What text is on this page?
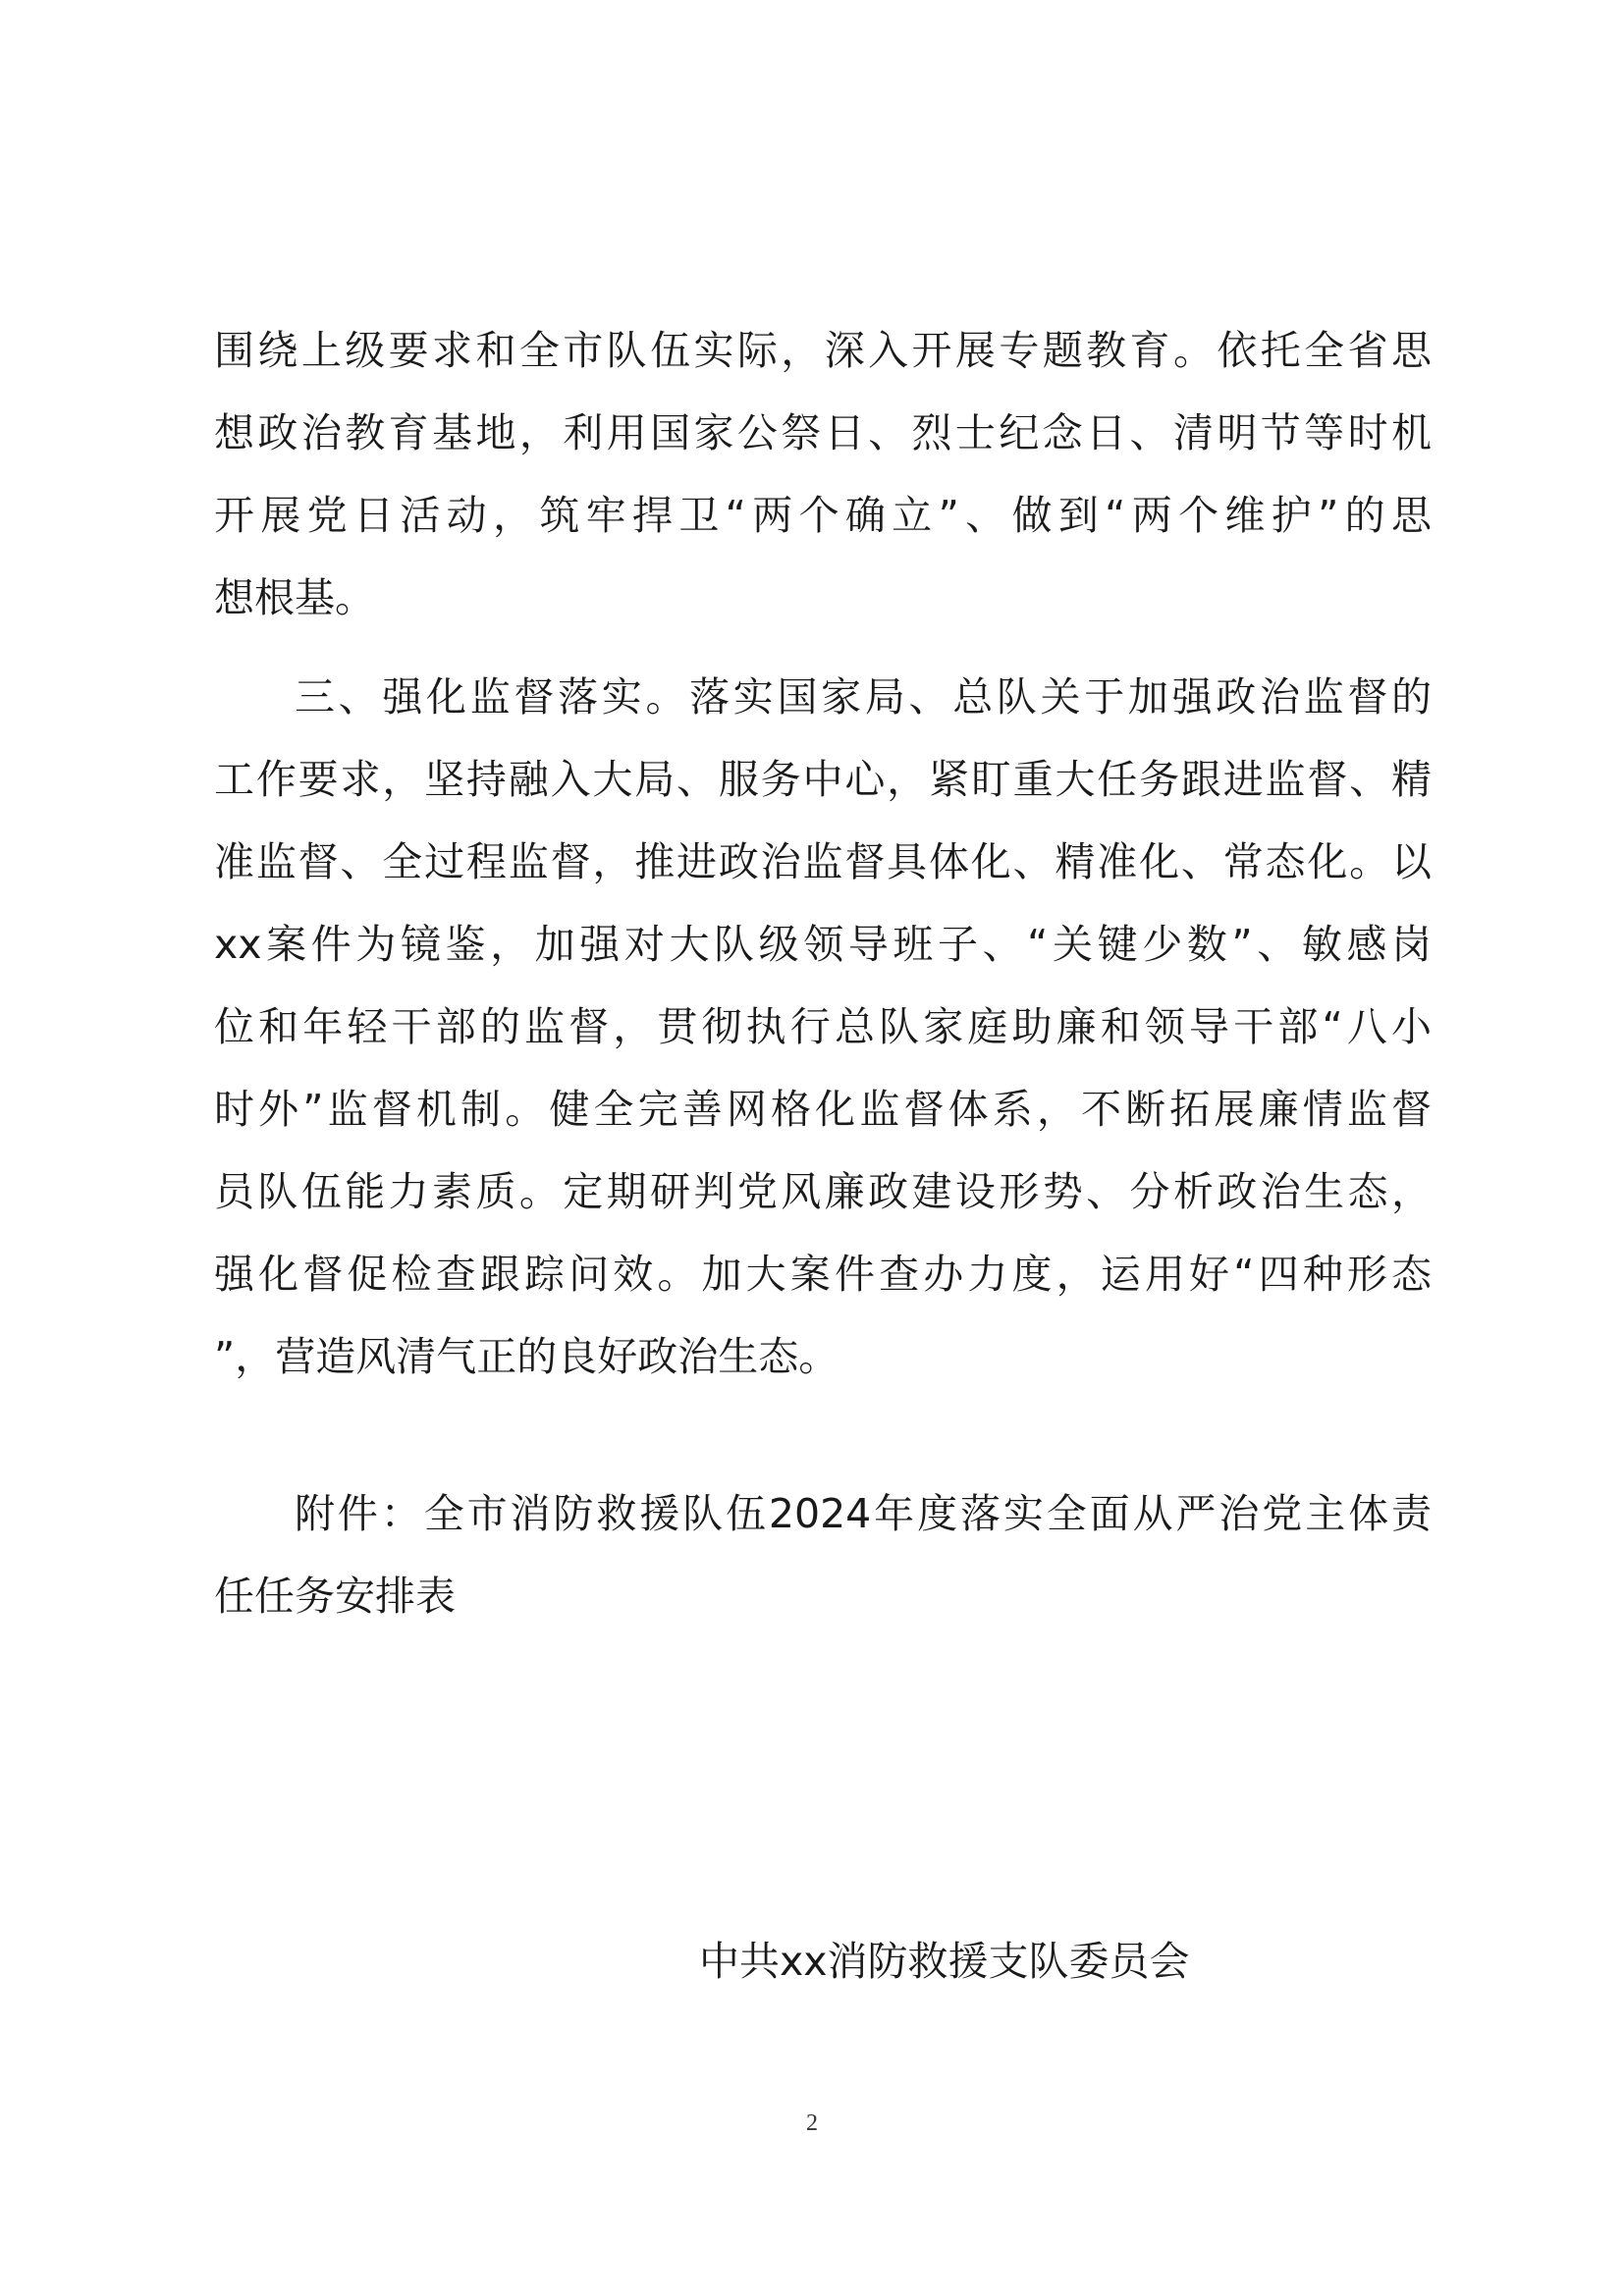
围绕上级要求和全市队伍实际，深入开展专题教育。依托全省思
想政治教育基地，利用国家公祭日、烈士纪念日、清明节等时机
开展党日活动，筑牢捍卫“两个确立”、做到“两个维护”的思
想根基。
三、强化监督落实。落实国家局、总队关于加强政治监督的
工作要求，坚持融入大局、服务中心，紧盯重大任务跟进监督、精
准监督、全过程监督，推进政治监督具体化、精准化、常态化。以
xx案件为镜鉴，加强对大队级领导班子、“关键少数”、敏感岗
位和年轻干部的监督，贯彻执行总队家庭助廉和领导干部“八小
时外”监督机制。健全完善网格化监督体系，不断拓展廉情监督
员队伍能力素质。定期研判党风廉政建设形势、分析政治生态，
强化督促检查跟踪问效。加大案件查办力度，运用好“四种形态
”，营造风清气正的良好政治生态。
附件：全市消防救援队伍2024年度落实全面从严治党主体责
任任务安排表
中共xx消防救援支队委员会
2
